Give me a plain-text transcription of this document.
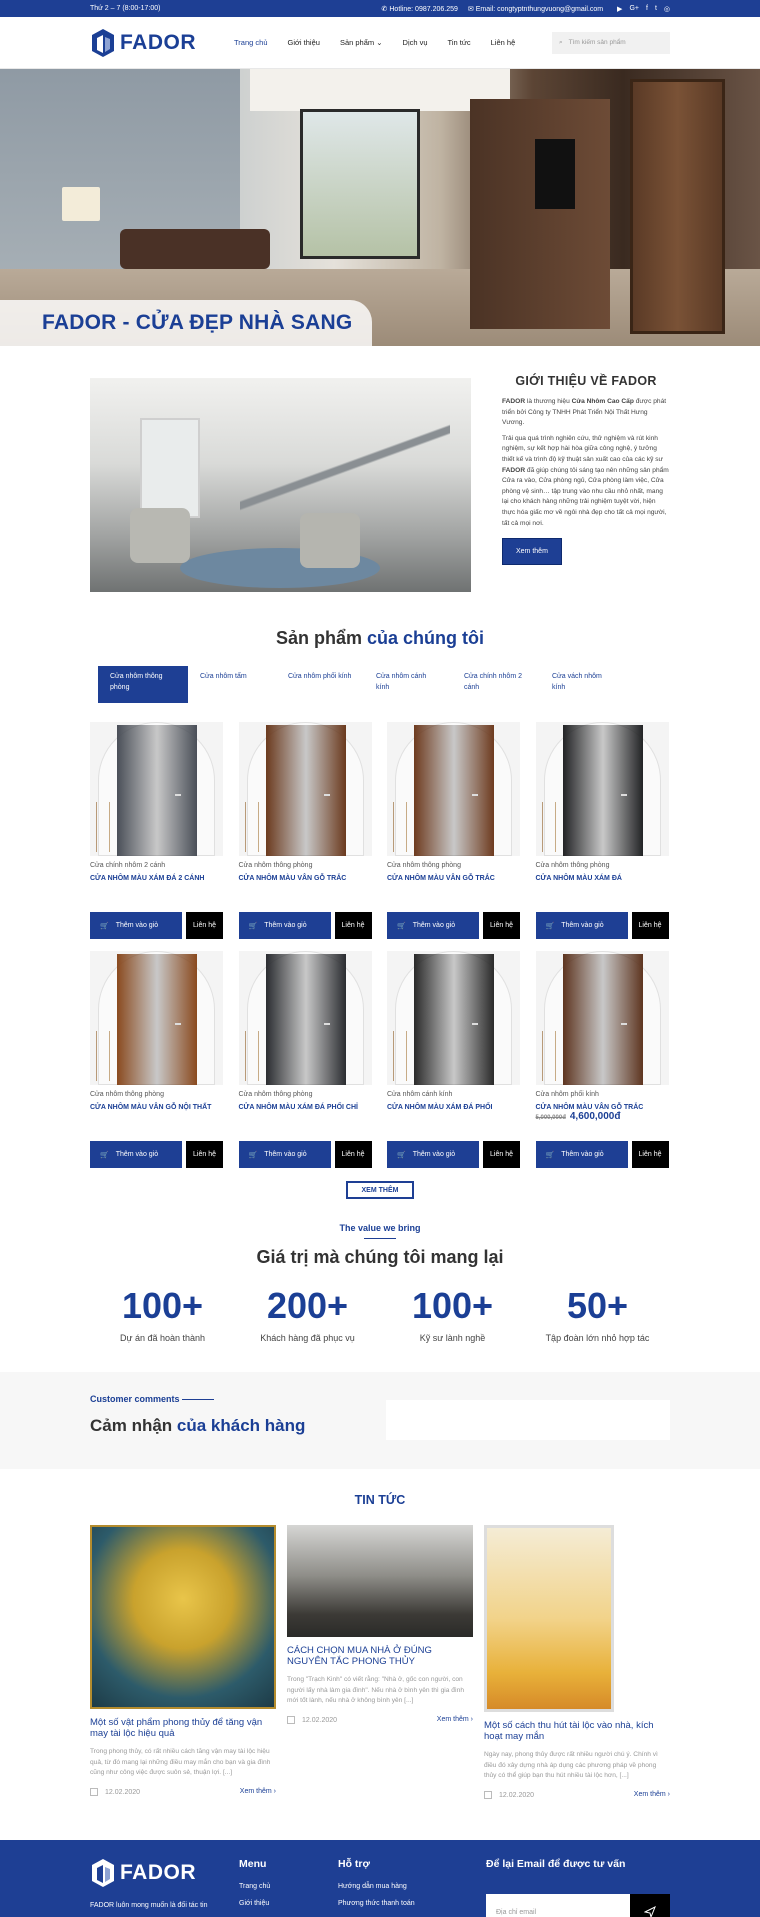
Thứ 2 – 7 (8:00-17:00)	✆ Hotline: 0987.206.259 ✉ Email: congtyptnthungvuong@gmail.com ▶ G+ f t ◎
FADOR	Trang chủ	Giới thiệu	Sản phẩm ⌄	Dịch vụ	Tin tức	Liên hệ	⌕ Tìm kiếm sản phẩm
FADOR - CỬA ĐẸP NHÀ SANG
GIỚI THIỆU VỀ FADOR

FADOR là thương hiệu Cửa Nhôm Cao Cấp được phát triển bởi Công ty TNHH Phát Triển Nội Thất Hưng Vương.

Trải qua quá trình nghiên cứu, thử nghiệm và rút kinh nghiệm, sự kết hợp hài hòa giữa công nghệ, ý tưởng thiết kế và trình độ kỹ thuật sản xuất cao của các kỹ sư FADOR đã giúp chúng tôi sáng tạo nên những sản phẩm Cửa ra vào, Cửa phòng ngủ, Cửa phòng làm việc, Cửa phòng vệ sinh… tập trung vào nhu cầu nhỏ nhất, mang lại cho khách hàng những trải nghiệm tuyệt vời, hiện thực hóa giấc mơ về ngôi nhà đẹp cho tất cả mọi người, tất cả mọi nơi.

Xem thêm
Sản phẩm của chúng tôi
Cửa nhôm thông phòng
Cửa nhôm tấm	Cửa nhôm phối kính	Cửa nhôm cánh kính
Cửa chính nhôm 2 cánh
Cửa vách nhôm kính
Cửa chính nhôm 2 cánh
CỬA NHÔM MÀU XÁM ĐÁ 2 CÁNH
🛒 Thêm vào giỏ	Liên hệ
Cửa nhôm thông phòng
CỬA NHÔM MÀU VÂN GỖ TRẮC
🛒 Thêm vào giỏ	Liên hệ
Cửa nhôm thông phòng
CỬA NHÔM MÀU VÂN GỖ TRẮC
🛒 Thêm vào giỏ	Liên hệ
Cửa nhôm thông phòng
CỬA NHÔM MÀU XÁM ĐÁ
🛒 Thêm vào giỏ	Liên hệ
Cửa nhôm thông phòng
CỬA NHÔM MÀU VÂN GỖ NỘI THẤT
🛒 Thêm vào giỏ	Liên hệ
Cửa nhôm thông phòng
CỬA NHÔM MÀU XÁM ĐÁ PHỐI CHỈ
🛒 Thêm vào giỏ	Liên hệ
Cửa nhôm cánh kính
CỬA NHÔM MÀU XÁM ĐÁ PHỐI
🛒 Thêm vào giỏ	Liên hệ
Cửa nhôm phối kính
CỬA NHÔM MÀU VÂN GỖ TRẮC
5,000,000đ 4,600,000đ
🛒 Thêm vào giỏ	Liên hệ
XEM THÊM
The value we bring
Giá trị mà chúng tôi mang lại
100+
Dự án đã hoàn thành
200+
Khách hàng đã phục vụ
100+
Kỹ sư lành nghề
50+
Tập đoàn lớn nhỏ hợp tác
Customer comments
Cảm nhận của khách hàng
TIN TỨC
Một số vật phẩm phong thủy để tăng vận may tài lộc hiệu quả
Trong phong thủy, có rất nhiều cách tăng vận may tài lộc hiệu quả, từ đó mang lại những điều may mắn cho bạn và gia đình cũng như công việc được suôn sẻ, thuận lợi. [...]
12.02.2020	Xem thêm ›
CÁCH CHỌN MUA NHÀ Ở ĐÚNG NGUYÊN TẮC PHONG THỦY
Trong "Trạch Kinh" có viết rằng: "Nhà ở, gốc con người, con người lấy nhà làm gia đình". Nếu nhà ở bình yên thì gia đình mới tốt lành, nếu nhà ở không bình yên [...]
12.02.2020	Xem thêm ›
Một số cách thu hút tài lộc vào nhà, kích hoạt may mắn
Ngày nay, phong thủy được rất nhiều người chú ý. Chính vì điều đó xây dựng nhà áp dụng các phương pháp về phong thủy có thể giúp bạn thu hút nhiều tài lộc hơn, [...]
12.02.2020	Xem thêm ›
FADOR
FADOR luôn mong muốn là đối tác tin
Menu
Trang chủ
Giới thiệu
Hỗ trợ
Hướng dẫn mua hàng
Phương thức thanh toán
Để lại Email để được tư vấn
Địa chỉ email
